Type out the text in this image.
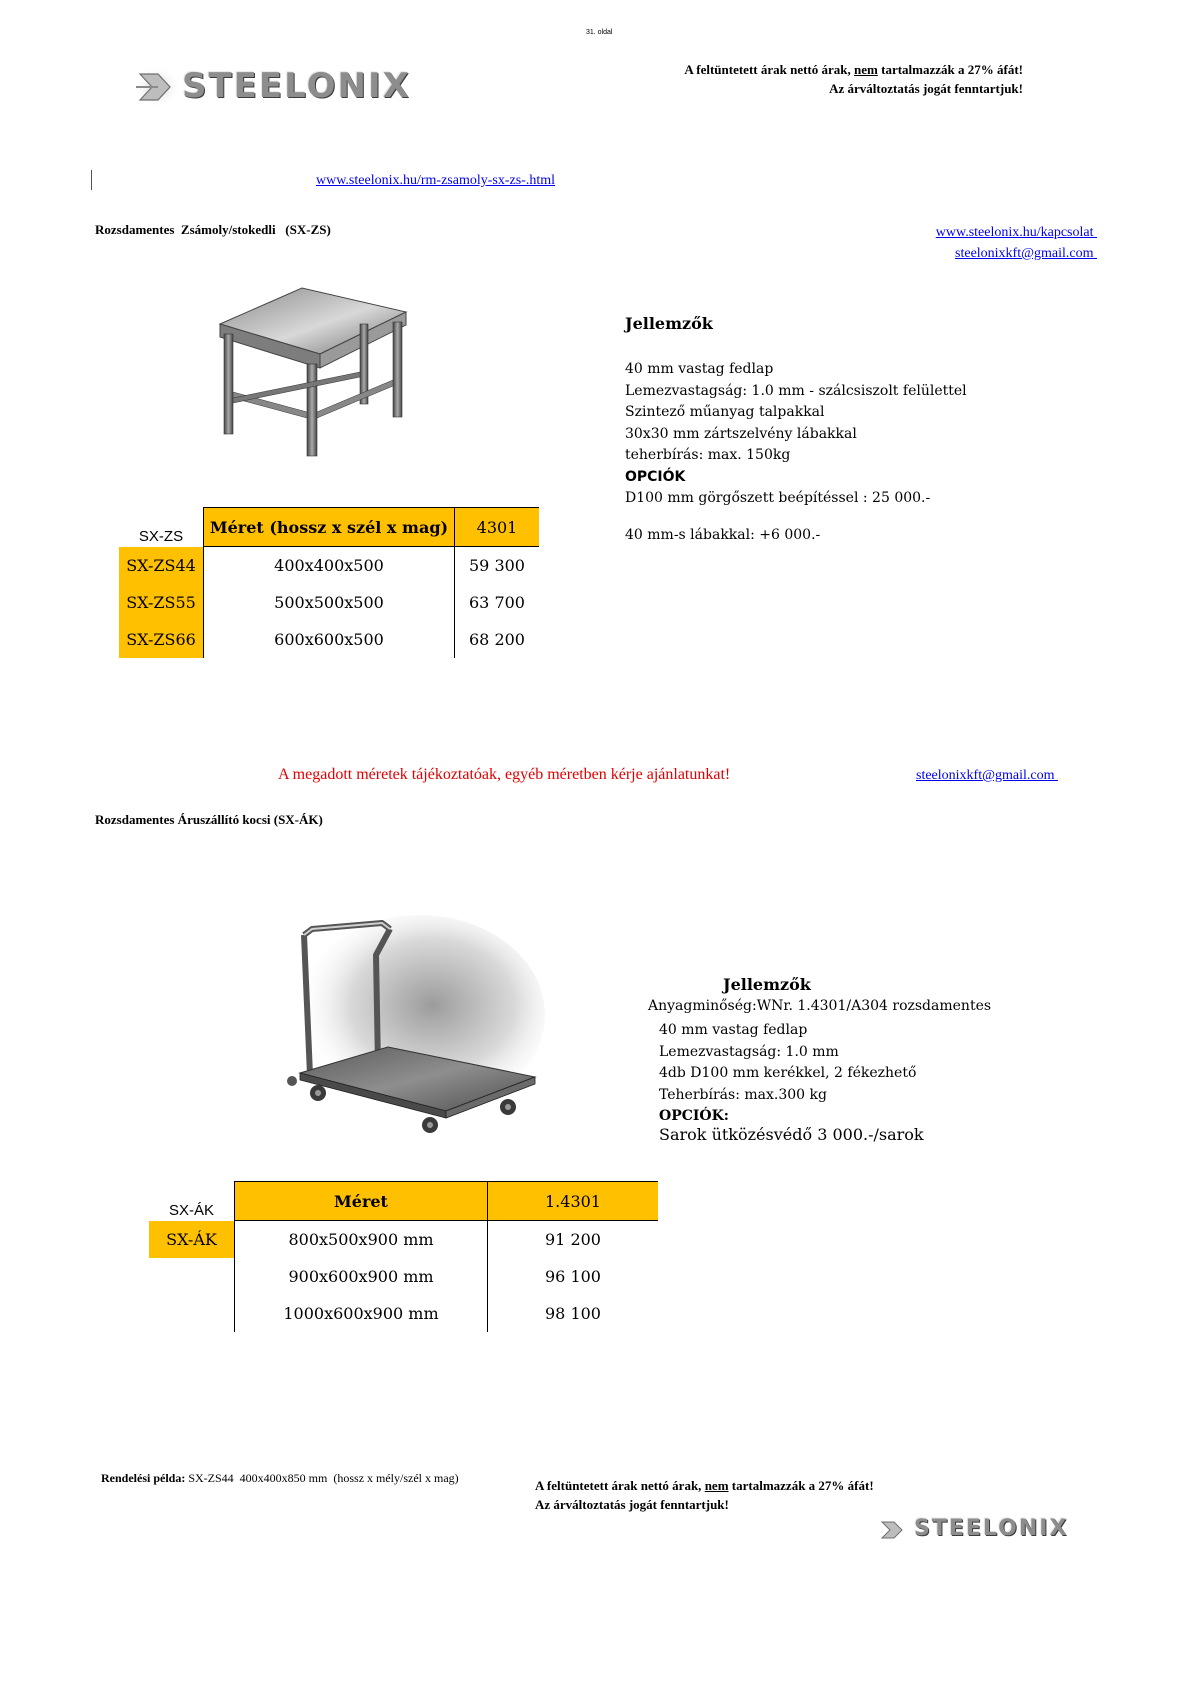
31. oldal
STEELONIX	A feltüntetett árak nettó árak, nem tartalmazzák a 27% áfát!
Az árváltoztatás jogát fenntartjuk!
www.steelonix.hu/rm-zsamoly-sx-zs-.html
Rozsdamentes  Zsámoly/stokedli   (SX-ZS)	www.steelonix.hu/kapcsolat
steelonixkft@gmail.com
Jellemzők
40 mm vastag fedlap
Lemezvastagság: 1.0 mm - szálcsiszolt felülettel
Szintező műanyag talpakkal
30x30 mm zártszelvény lábakkal
teherbírás: max. 150kg
OPCIÓK
D100 mm görgőszett beépítéssel : 25 000.-
40 mm-s lábakkal: +6 000.-
SX-ZS	Méret (hossz x szél x mag)	4301
SX-ZS44	400x400x500	59 300
SX-ZS55	500x500x500	63 700
SX-ZS66	600x600x500	68 200
A megadott méretek tájékoztatóak, egyéb méretben kérje ajánlatunkat!	steelonixkft@gmail.com
Rozsdamentes Áruszállító kocsi (SX-ÁK)
Jellemzők
Anyagminőség:WNr. 1.4301/A304 rozsdamentes
40 mm vastag fedlap
Lemezvastagság: 1.0 mm
4db D100 mm kerékkel, 2 fékezhető
Teherbírás: max.300 kg
OPCIÓK:
Sarok ütközésvédő 3 000.-/sarok
SX-ÁK	Méret	1.4301
SX-ÁK	800x500x900 mm	91 200
	900x600x900 mm	96 100
	1000x600x900 mm	98 100

Rendelési példa: SX-ZS44  400x400x850 mm  (hossz x mély/szél x mag)	A feltüntetett árak nettó árak, nem tartalmazzák a 27% áfát!
Az árváltoztatás jogát fenntartjuk!
STEELONIX
